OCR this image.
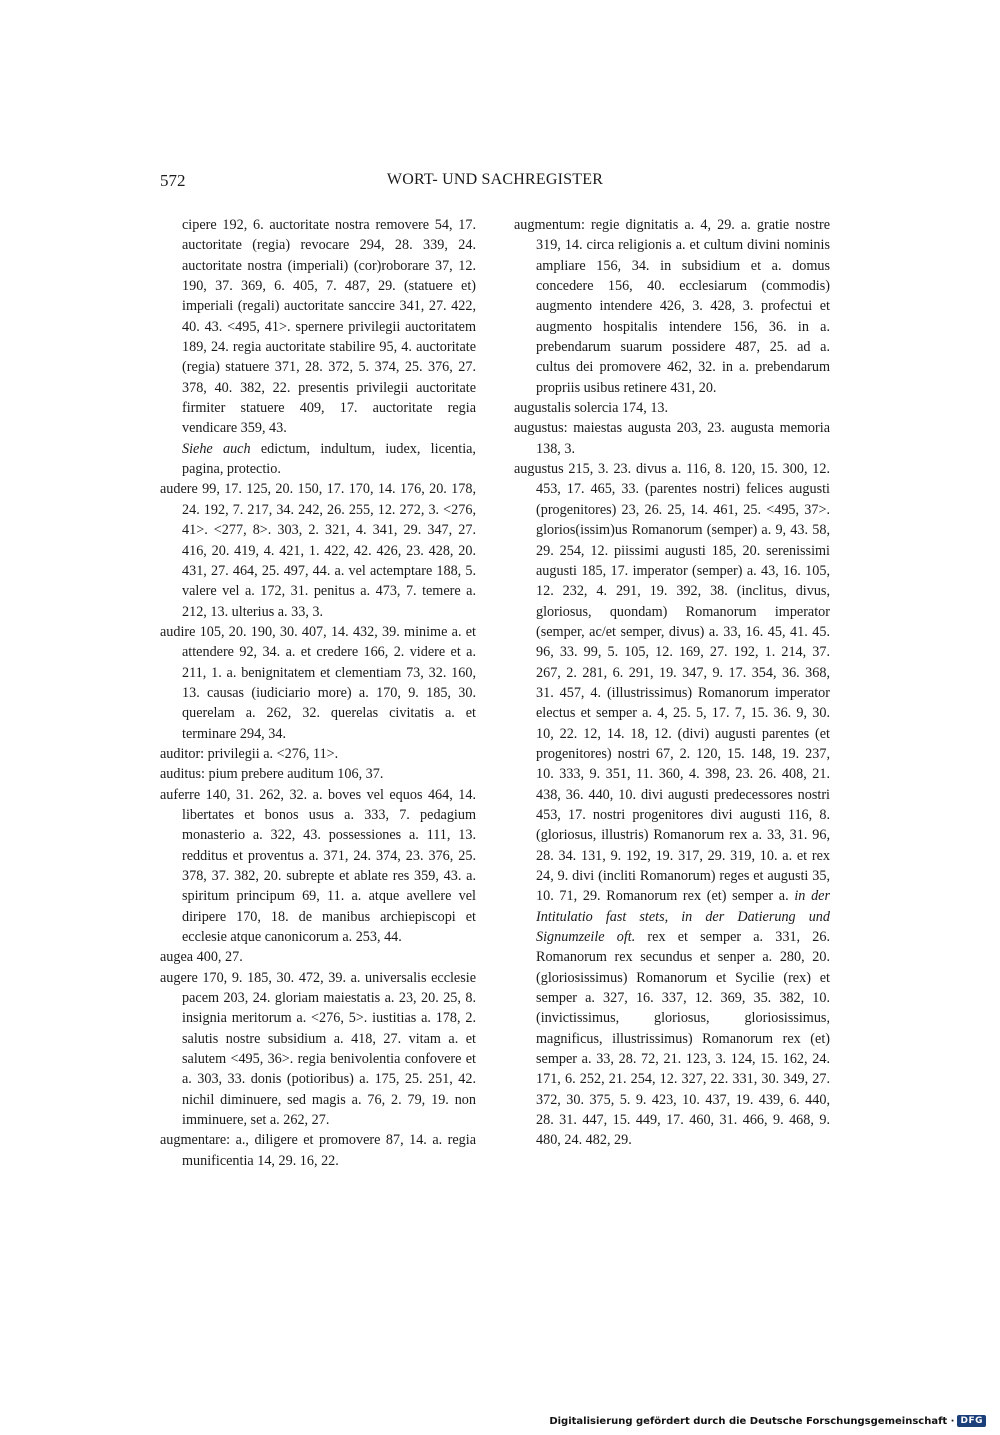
572	WORT- UND SACHREGISTER

cipere 192, 6. auctoritate nostra removere 54, 17. auctoritate (regia) revocare 294, 28. 339, 24. auctoritate nostra (imperiali) (cor)roborare 37, 12. 190, 37. 369, 6. 405, 7. 487, 29. (statuere et) imperiali (regali) auctoritate sanccire 341, 27. 422, 40. 43. <495, 41>. spernere privilegii auctoritatem 189, 24. regia auctoritate stabilire 95, 4. auctoritate (regia) statuere 371, 28. 372, 5. 374, 25. 376, 27. 378, 40. 382, 22. presentis privilegii auctoritate firmiter statuere 409, 17. auctoritate regia vendicare 359, 43.

Siehe auch edictum, indultum, iudex, licentia, pagina, protectio.

audere 99, 17. 125, 20. 150, 17. 170, 14. 176, 20. 178, 24. 192, 7. 217, 34. 242, 26. 255, 12. 272, 3. <276, 41>. <277, 8>. 303, 2. 321, 4. 341, 29. 347, 27. 416, 20. 419, 4. 421, 1. 422, 42. 426, 23. 428, 20. 431, 27. 464, 25. 497, 44. a. vel actemptare 188, 5. valere vel a. 172, 31. penitus a. 473, 7. temere a. 212, 13. ulterius a. 33, 3.

audire 105, 20. 190, 30. 407, 14. 432, 39. minime a. et attendere 92, 34. a. et credere 166, 2. videre et a. 211, 1. a. benignitatem et clementiam 73, 32. 160, 13. causas (iudiciario more) a. 170, 9. 185, 30. querelam a. 262, 32. querelas civitatis a. et terminare 294, 34.

auditor: privilegii a. <276, 11>.

auditus: pium prebere auditum 106, 37.

auferre 140, 31. 262, 32. a. boves vel equos 464, 14. libertates et bonos usus a. 333, 7. pedagium monasterio a. 322, 43. possessiones a. 111, 13. redditus et proventus a. 371, 24. 374, 23. 376, 25. 378, 37. 382, 20. subrepte et ablate res 359, 43. a. spiritum principum 69, 11. a. atque avellere vel diripere 170, 18. de manibus archiepiscopi et ecclesie atque canonicorum a. 253, 44.

augea 400, 27.

augere 170, 9. 185, 30. 472, 39. a. universalis ecclesie pacem 203, 24. gloriam maiestatis a. 23, 20. 25, 8. insignia meritorum a. <276, 5>. iustitias a. 178, 2. salutis nostre subsidium a. 418, 27. vitam a. et salutem <495, 36>. regia benivolentia confovere et a. 303, 33. donis (potioribus) a. 175, 25. 251, 42. nichil diminuere, sed magis a. 76, 2. 79, 19. non imminuere, set a. 262, 27.

augmentare: a., diligere et promovere 87, 14. a. regia munificentia 14, 29. 16, 22.

augmentum: regie dignitatis a. 4, 29. a. gratie nostre 319, 14. circa religionis a. et cultum divini nominis ampliare 156, 34. in subsidium et a. domus concedere 156, 40. ecclesiarum (commodis) augmento intendere 426, 3. 428, 3. profectui et augmento hospitalis intendere 156, 36. in a. prebendarum suarum possidere 487, 25. ad a. cultus dei promovere 462, 32. in a. prebendarum propriis usibus retinere 431, 20.

augustalis solercia 174, 13.

augustus: maiestas augusta 203, 23. augusta memoria 138, 3.

augustus 215, 3. 23. divus a. 116, 8. 120, 15. 300, 12. 453, 17. 465, 33. (parentes nostri) felices augusti (progenitores) 23, 26. 25, 14. 461, 25. <495, 37>. glorios(issim)us Romanorum (semper) a. 9, 43. 58, 29. 254, 12. piissimi augusti 185, 20. serenissimi augusti 185, 17. imperator (semper) a. 43, 16. 105, 12. 232, 4. 291, 19. 392, 38. (inclitus, divus, gloriosus, quondam) Romanorum imperator (semper, ac/et semper, divus) a. 33, 16. 45, 41. 45. 96, 33. 99, 5. 105, 12. 169, 27. 192, 1. 214, 37. 267, 2. 281, 6. 291, 19. 347, 9. 17. 354, 36. 368, 31. 457, 4. (illustrissimus) Romanorum imperator electus et semper a. 4, 25. 5, 17. 7, 15. 36. 9, 30. 10, 22. 12, 14. 18, 12. (divi) augusti parentes (et progenitores) nostri 67, 2. 120, 15. 148, 19. 237, 10. 333, 9. 351, 11. 360, 4. 398, 23. 26. 408, 21. 438, 36. 440, 10. divi augusti predecessores nostri 453, 17. nostri progenitores divi augusti 116, 8. (gloriosus, illustris) Romanorum rex a. 33, 31. 96, 28. 34. 131, 9. 192, 19. 317, 29. 319, 10. a. et rex 24, 9. divi (incliti Romanorum) reges et augusti 35, 10. 71, 29. Romanorum rex (et) semper a. in der Intitulatio fast stets, in der Datierung und Signumzeile oft. rex et semper a. 331, 26. Romanorum rex secundus et senper a. 280, 20. (gloriosissimus) Romanorum et Sycilie (rex) et semper a. 327, 16. 337, 12. 369, 35. 382, 10. (invictissimus, gloriosus, gloriosissimus, magnificus, illustrissimus) Romanorum rex (et) semper a. 33, 28. 72, 21. 123, 3. 124, 15. 162, 24. 171, 6. 252, 21. 254, 12. 327, 22. 331, 30. 349, 27. 372, 30. 375, 5. 9. 423, 10. 437, 19. 439, 6. 440, 28. 31. 447, 15. 449, 17. 460, 31. 466, 9. 468, 9. 480, 24. 482, 29.

Digitalisierung gefördert durch die Deutsche Forschungsgemeinschaft · DFG
